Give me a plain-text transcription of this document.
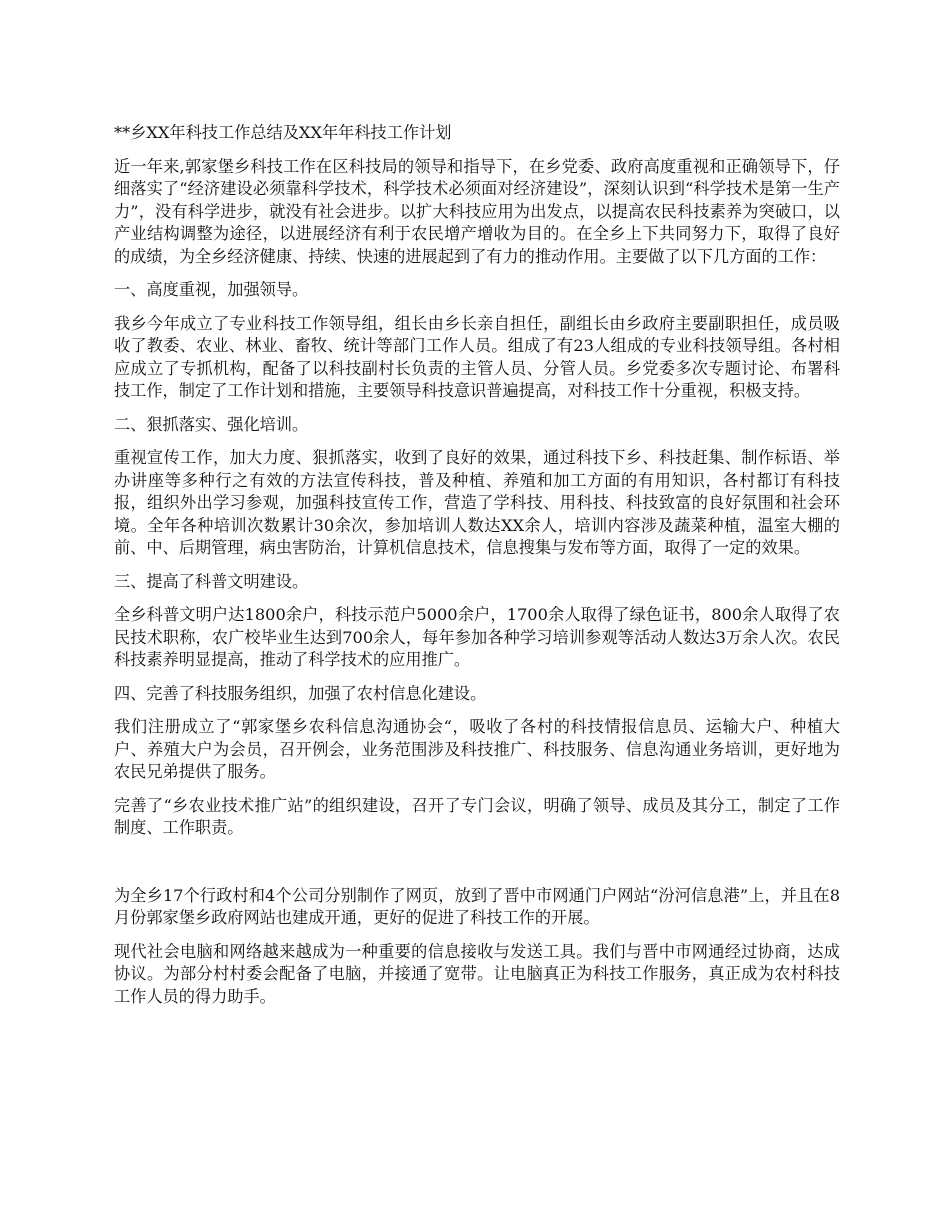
**乡XX年科技工作总结及XX年年科技工作计划

近一年来,郭家堡乡科技工作在区科技局的领导和指导下，在乡党委、政府高度重视和正确领导下，仔细落实了“经济建设必须靠科学技术，科学技术必须面对经济建设”，深刻认识到“科学技术是第一生产力”，没有科学进步，就没有社会进步。以扩大科技应用为出发点，以提高农民科技素养为突破口，以产业结构调整为途径，以进展经济有利于农民增产增收为目的。在全乡上下共同努力下，取得了良好的成绩，为全乡经济健康、持续、快速的进展起到了有力的推动作用。主要做了以下几方面的工作：

一、高度重视，加强领导。

我乡今年成立了专业科技工作领导组，组长由乡长亲自担任，副组长由乡政府主要副职担任，成员吸收了教委、农业、林业、畜牧、统计等部门工作人员。组成了有23人组成的专业科技领导组。各村相应成立了专抓机构，配备了以科技副村长负责的主管人员、分管人员。乡党委多次专题讨论、布署科技工作，制定了工作计划和措施，主要领导科技意识普遍提高，对科技工作十分重视，积极支持。

二、狠抓落实、强化培训。

重视宣传工作，加大力度、狠抓落实，收到了良好的效果，通过科技下乡、科技赶集、制作标语、举办讲座等多种行之有效的方法宣传科技，普及种植、养殖和加工方面的有用知识，各村都订有科技报，组织外出学习参观，加强科技宣传工作，营造了学科技、用科技、科技致富的良好氛围和社会环境。全年各种培训次数累计30余次，参加培训人数达XX余人，培训内容涉及蔬菜种植，温室大棚的前、中、后期管理，病虫害防治，计算机信息技术，信息搜集与发布等方面，取得了一定的效果。

三、提高了科普文明建设。

全乡科普文明户达1800余户，科技示范户5000余户，1700余人取得了绿色证书，800余人取得了农民技术职称，农广校毕业生达到700余人，每年参加各种学习培训参观等活动人数达3万余人次。农民科技素养明显提高，推动了科学技术的应用推广。

四、完善了科技服务组织，加强了农村信息化建设。

我们注册成立了“郭家堡乡农科信息沟通协会“，吸收了各村的科技情报信息员、运输大户、种植大户、养殖大户为会员，召开例会，业务范围涉及科技推广、科技服务、信息沟通业务培训，更好地为农民兄弟提供了服务。

完善了“乡农业技术推广站”的组织建设，召开了专门会议，明确了领导、成员及其分工，制定了工作制度、工作职责。

为全乡17个行政村和4个公司分别制作了网页，放到了晋中市网通门户网站“汾河信息港”上，并且在8月份郭家堡乡政府网站也建成开通，更好的促进了科技工作的开展。

现代社会电脑和网络越来越成为一种重要的信息接收与发送工具。我们与晋中市网通经过协商，达成协议。为部分村村委会配备了电脑，并接通了宽带。让电脑真正为科技工作服务，真正成为农村科技工作人员的得力助手。
